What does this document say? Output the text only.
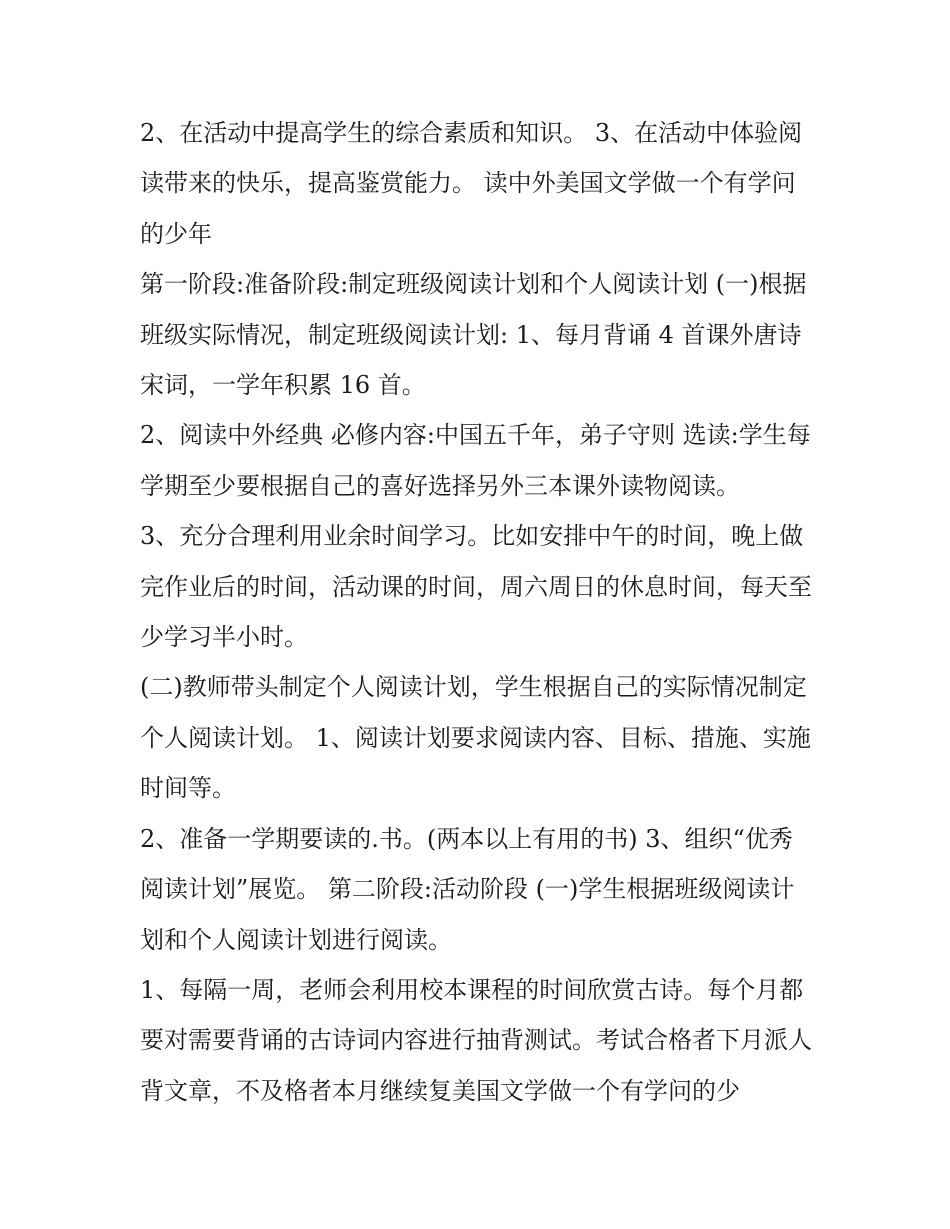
2、在活动中提高学生的综合素质和知识。 3、在活动中体验阅读带来的快乐，提高鉴赏能力。 读中外美国文学做一个有学问的少年

第一阶段:准备阶段:制定班级阅读计划和个人阅读计划 (一)根据班级实际情况，制定班级阅读计划: 1、每月背诵 4 首课外唐诗宋词，一学年积累 16 首。

2、阅读中外经典 必修内容:中国五千年，弟子守则 选读:学生每学期至少要根据自己的喜好选择另外三本课外读物阅读。

3、充分合理利用业余时间学习。比如安排中午的时间，晚上做完作业后的时间，活动课的时间，周六周日的休息时间，每天至少学习半小时。

(二)教师带头制定个人阅读计划，学生根据自己的实际情况制定个人阅读计划。 1、阅读计划要求阅读内容、目标、措施、实施时间等。

2、准备一学期要读的.书。(两本以上有用的书) 3、组织“优秀阅读计划”展览。 第二阶段:活动阶段 (一)学生根据班级阅读计划和个人阅读计划进行阅读。

1、每隔一周，老师会利用校本课程的时间欣赏古诗。每个月都要对需要背诵的古诗词内容进行抽背测试。考试合格者下月派人背文章，不及格者本月继续复美国文学做一个有学问的少
